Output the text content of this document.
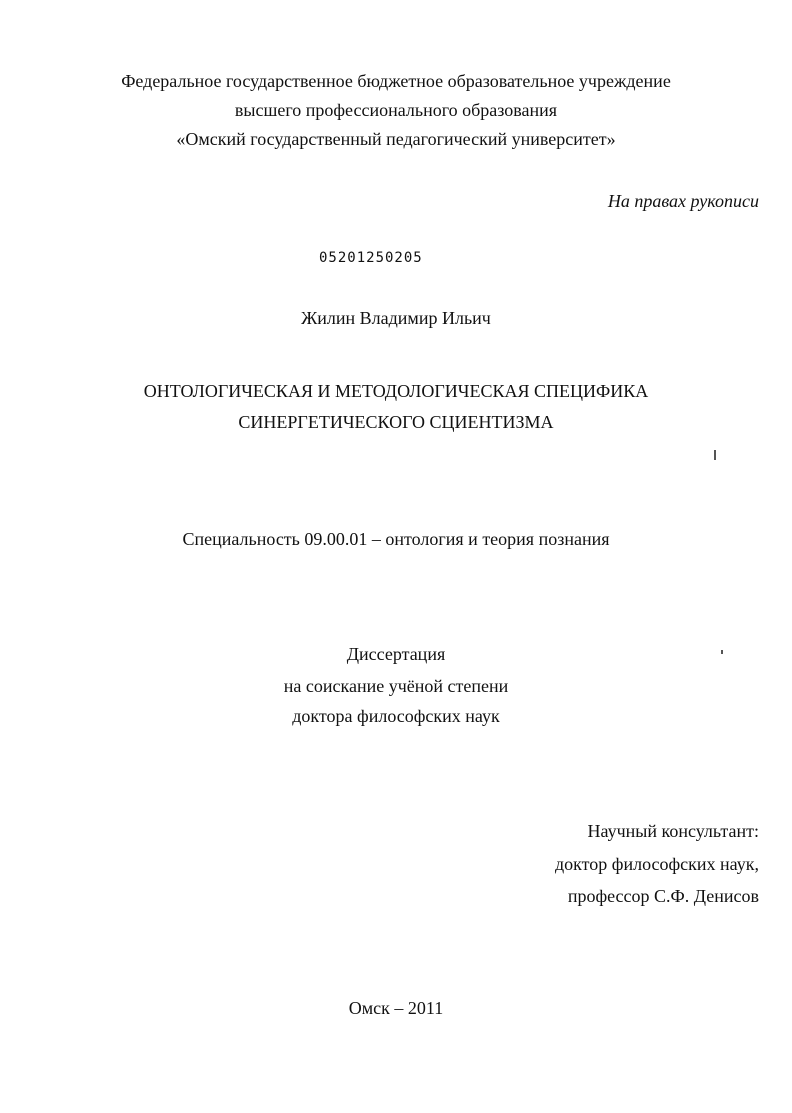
Федеральное государственное бюджетное образовательное учреждение
высшего профессионального образования
«Омский государственный педагогический университет»
На правах рукописи
05201250205
Жилин Владимир Ильич
ОНТОЛОГИЧЕСКАЯ И МЕТОДОЛОГИЧЕСКАЯ СПЕЦИФИКА
СИНЕРГЕТИЧЕСКОГО СЦИЕНТИЗМА
Специальность 09.00.01 – онтология и теория познания
Диссертация
на соискание учёной степени
доктора философских наук
Научный консультант:
доктор философских наук,
профессор С.Ф. Денисов
Омск – 2011
